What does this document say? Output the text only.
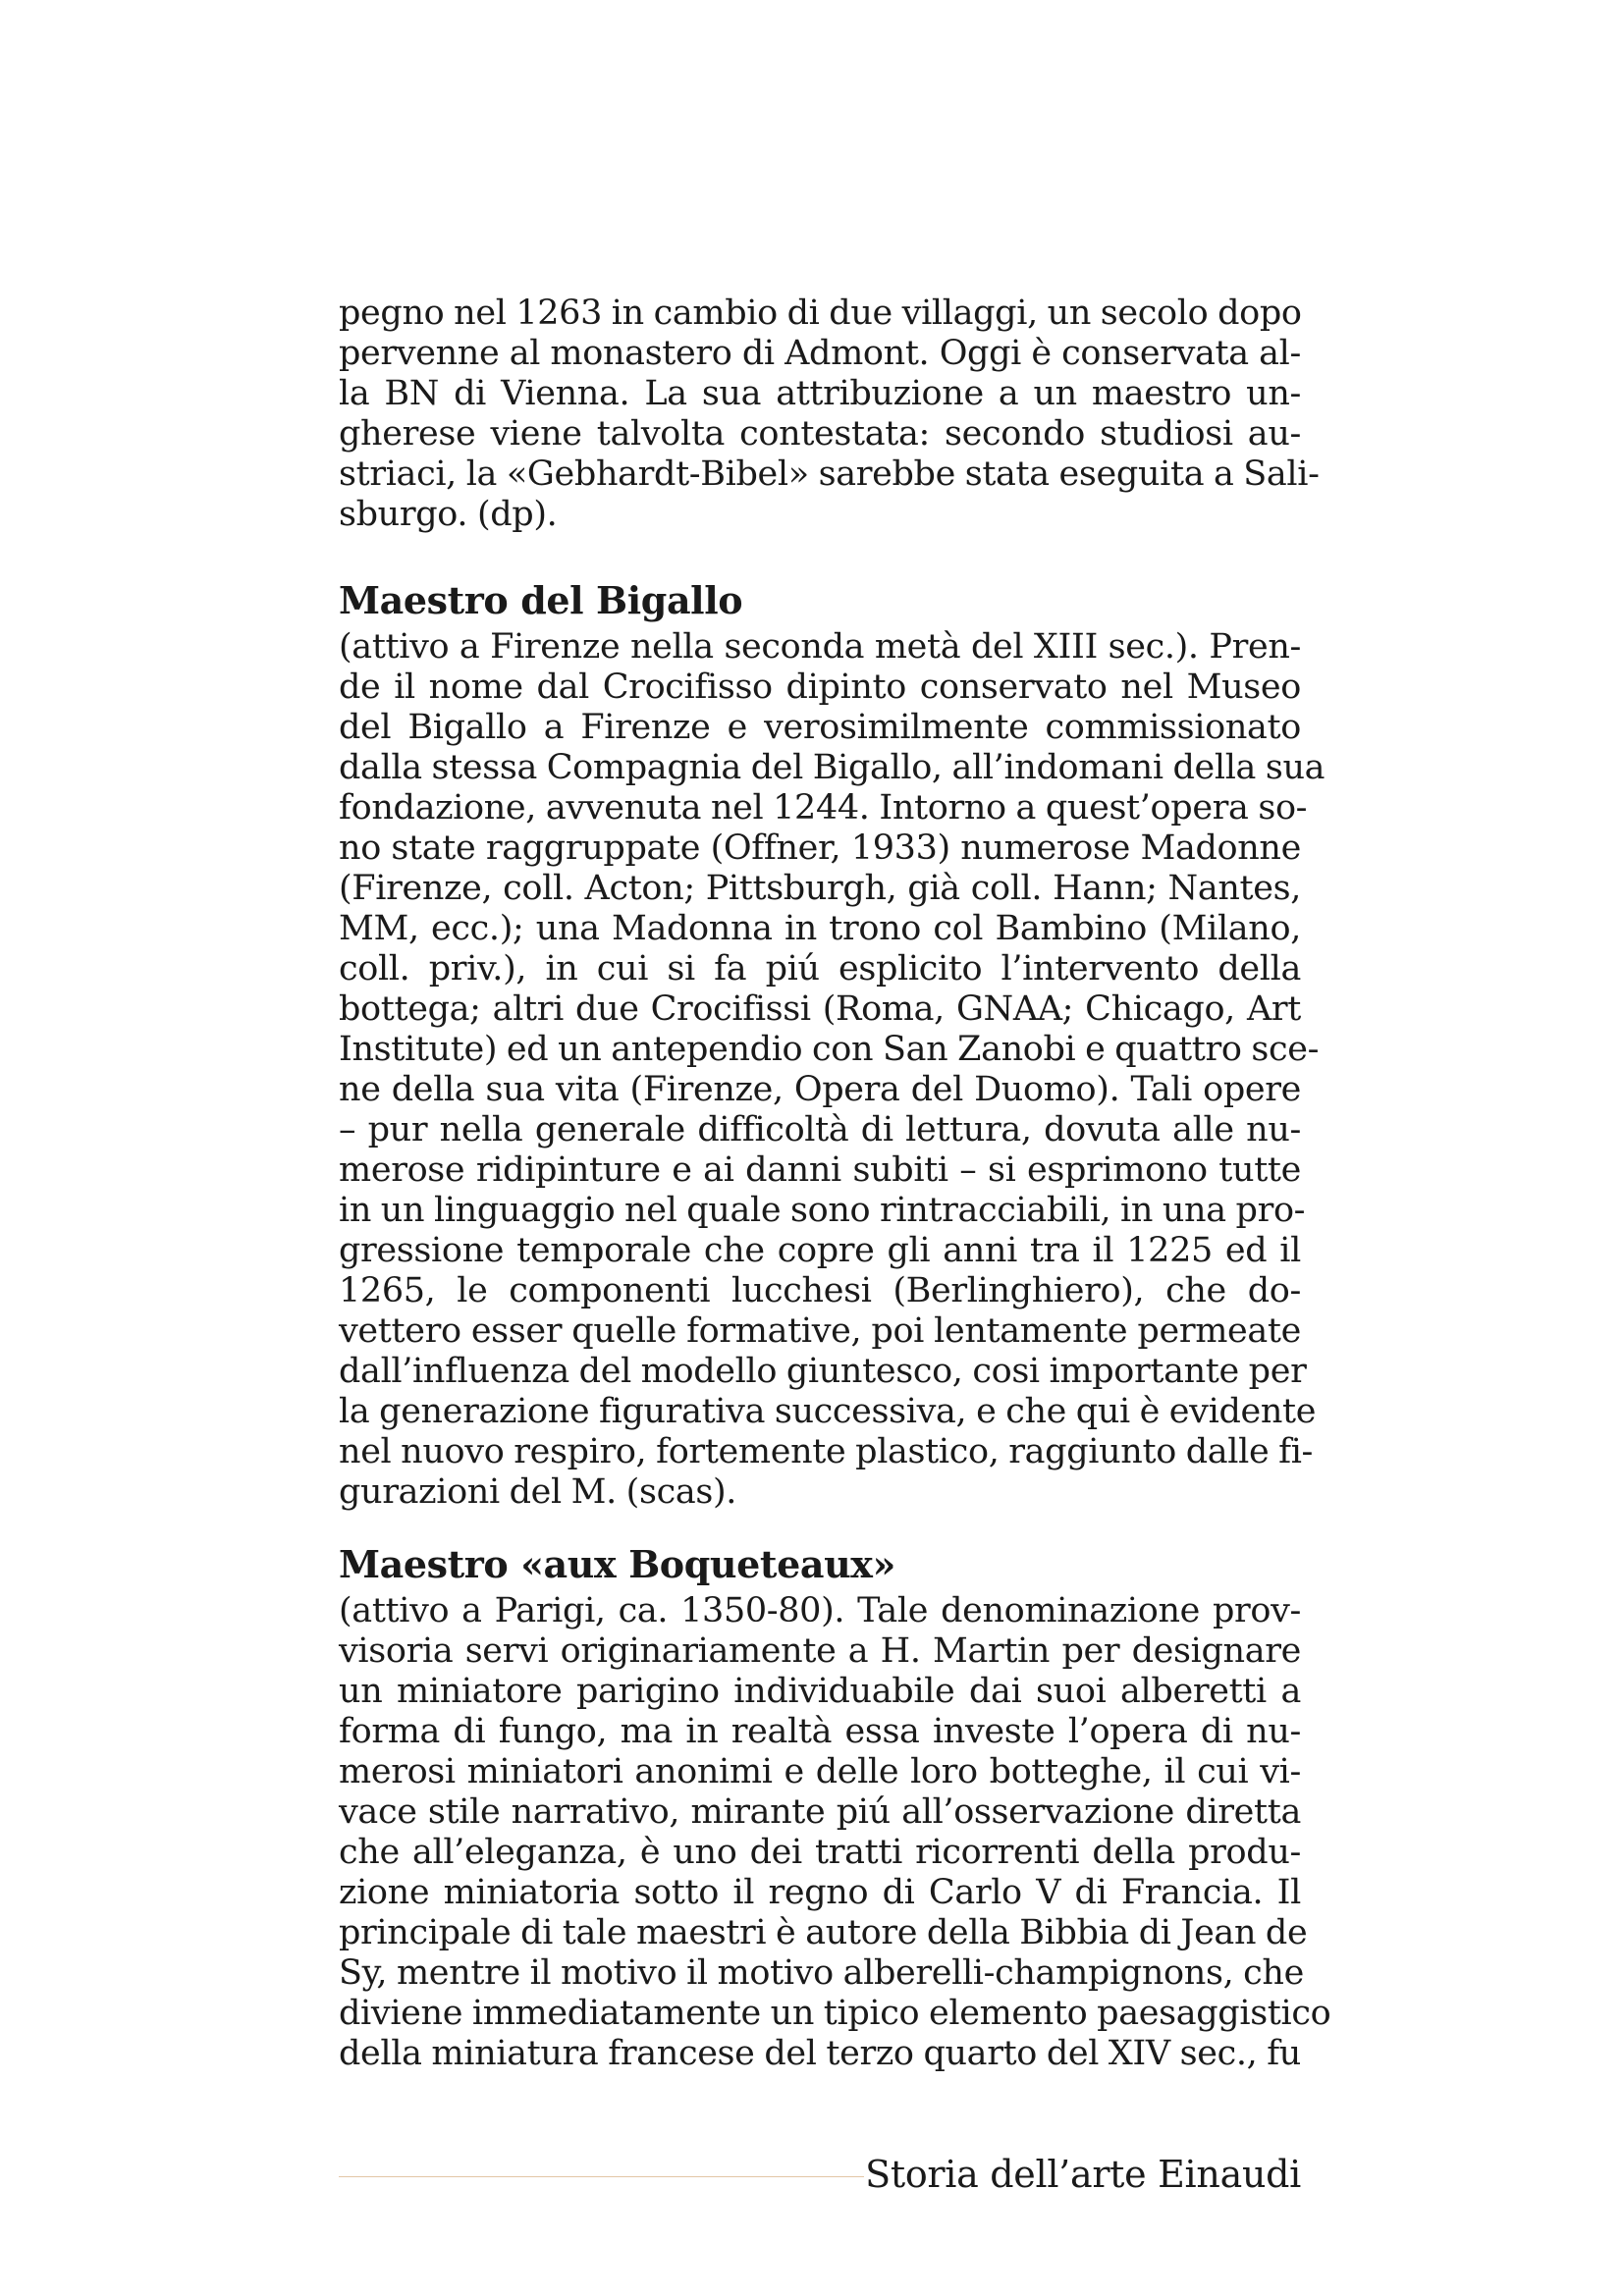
pegno nel 1263 in cambio di due villaggi, un secolo dopo
pervenne al monastero di Admont. Oggi è conservata al-
la BN di Vienna. La sua attribuzione a un maestro un-
gherese viene talvolta contestata: secondo studiosi au-
striaci, la «Gebhardt-Bibel» sarebbe stata eseguita a Sali-
sburgo. (dp).
Maestro del Bigallo
(attivo a Firenze nella seconda metà del XIII sec.). Pren-
de il nome dal Crocifisso dipinto conservato nel Museo
del Bigallo a Firenze e verosimilmente commissionato
dalla stessa Compagnia del Bigallo, all’indomani della sua
fondazione, avvenuta nel 1244. Intorno a quest’opera so-
no state raggruppate (Offner, 1933) numerose Madonne
(Firenze, coll. Acton; Pittsburgh, già coll. Hann; Nantes,
MM, ecc.); una Madonna in trono col Bambino (Milano,
coll. priv.), in cui si fa piú esplicito l’intervento della
bottega; altri due Crocifissi (Roma, GNAA; Chicago, Art
Institute) ed un antependio con San Zanobi e quattro sce-
ne della sua vita (Firenze, Opera del Duomo). Tali opere
– pur nella generale difficoltà di lettura, dovuta alle nu-
merose ridipinture e ai danni subiti – si esprimono tutte
in un linguaggio nel quale sono rintracciabili, in una pro-
gressione temporale che copre gli anni tra il 1225 ed il
1265, le componenti lucchesi (Berlinghiero), che do-
vettero esser quelle formative, poi lentamente permeate
dall’influenza del modello giuntesco, cosi importante per
la generazione figurativa successiva, e che qui è evidente
nel nuovo respiro, fortemente plastico, raggiunto dalle fi-
gurazioni del M. (scas).
Maestro «aux Boqueteaux»
(attivo a Parigi, ca. 1350-80). Tale denominazione prov-
visoria servi originariamente a H. Martin per designare
un miniatore parigino individuabile dai suoi alberetti a
forma di fungo, ma in realtà essa investe l’opera di nu-
merosi miniatori anonimi e delle loro botteghe, il cui vi-
vace stile narrativo, mirante piú all’osservazione diretta
che all’eleganza, è uno dei tratti ricorrenti della produ-
zione miniatoria sotto il regno di Carlo V di Francia. Il
principale di tale maestri è autore della Bibbia di Jean de
Sy, mentre il motivo il motivo alberelli-champignons, che
diviene immediatamente un tipico elemento paesaggistico
della miniatura francese del terzo quarto del XIV sec., fu
Storia dell’arte Einaudi
